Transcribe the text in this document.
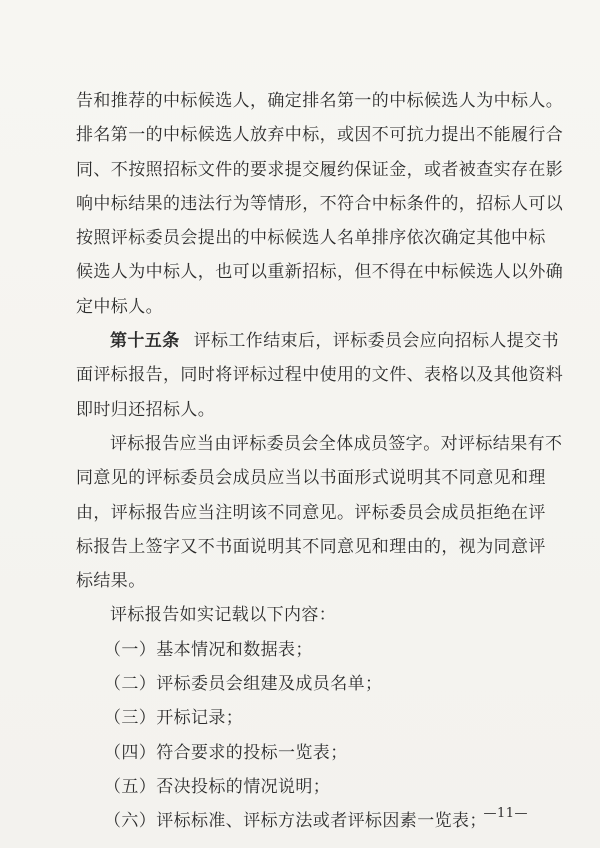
告和推荐的中标候选人，确定排名第一的中标候选人为中标人。
排名第一的中标候选人放弃中标，或因不可抗力提出不能履行合
同、不按照招标文件的要求提交履约保证金，或者被查实存在影
响中标结果的违法行为等情形，不符合中标条件的，招标人可以
按照评标委员会提出的中标候选人名单排序依次确定其他中标
候选人为中标人，也可以重新招标，但不得在中标候选人以外确
定中标人。
第十五条 评标工作结束后，评标委员会应向招标人提交书
面评标报告，同时将评标过程中使用的文件、表格以及其他资料
即时归还招标人。
评标报告应当由评标委员会全体成员签字。对评标结果有不
同意见的评标委员会成员应当以书面形式说明其不同意见和理
由，评标报告应当注明该不同意见。评标委员会成员拒绝在评
标报告上签字又不书面说明其不同意见和理由的，视为同意评
标结果。
评标报告如实记载以下内容：
（一）基本情况和数据表；
（二）评标委员会组建及成员名单；
（三）开标记录；
（四）符合要求的投标一览表；
（五）否决投标的情况说明；
（六）评标标准、评标方法或者评标因素一览表；
—11—
